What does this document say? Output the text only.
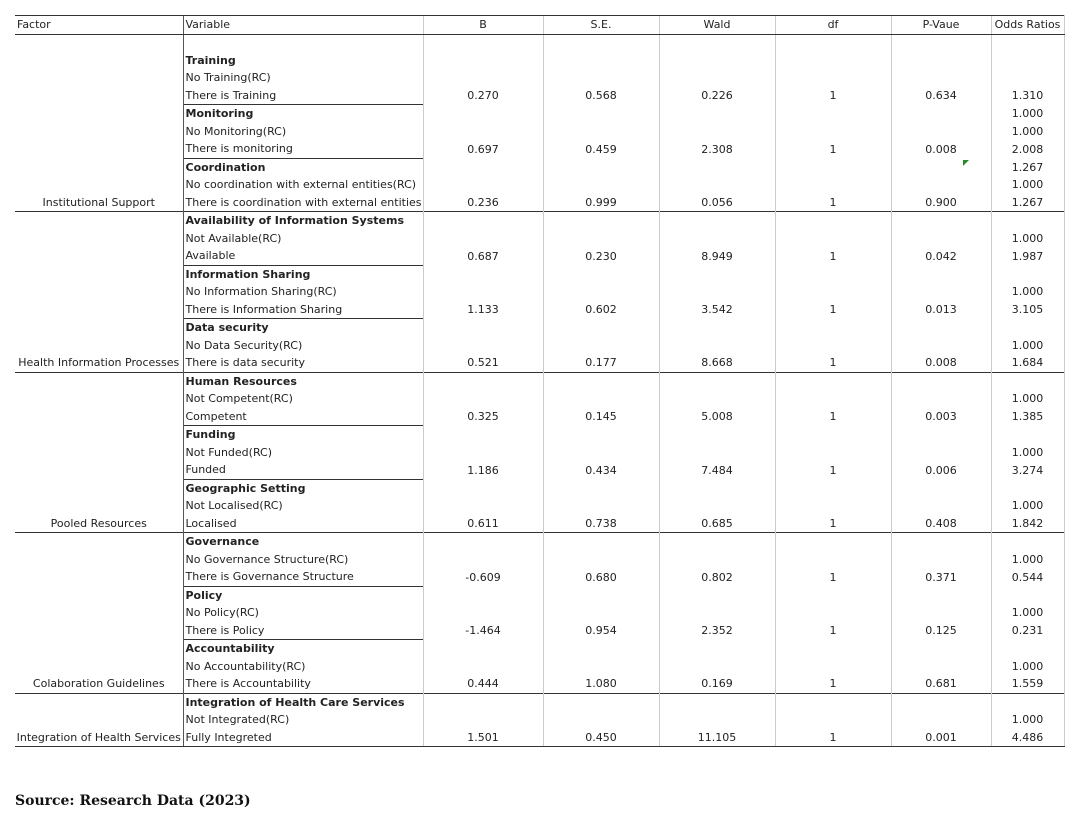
Factor	Variable	B	S.E.	Wald	df	P-Vaue	Odds Ratios

	Training						
	No Training(RC)						
	There is Training	0.270	0.568	0.226	1	0.634	1.310
	Monitoring						1.000
	No Monitoring(RC)						1.000
	There is monitoring	0.697	0.459	2.308	1	0.008	2.008
	Coordination						1.267
	No coordination with external entities(RC)						1.000
Institutional Support	There is coordination with external entities	0.236	0.999	0.056	1	0.900	1.267
	Availability of Information Systems						
	Not Available(RC)						1.000
	Available	0.687	0.230	8.949	1	0.042	1.987
	Information Sharing						
	No Information Sharing(RC)						1.000
	There is Information Sharing	1.133	0.602	3.542	1	0.013	3.105
	Data security						
	No Data Security(RC)						1.000
Health Information Processes	There is data security	0.521	0.177	8.668	1	0.008	1.684
	Human Resources						
	Not Competent(RC)						1.000
	Competent	0.325	0.145	5.008	1	0.003	1.385
	Funding						
	Not Funded(RC)						1.000
	Funded	1.186	0.434	7.484	1	0.006	3.274
	Geographic Setting						
	Not Localised(RC)						1.000
Pooled Resources	Localised	0.611	0.738	0.685	1	0.408	1.842
	Governance						
	No Governance Structure(RC)						1.000
	There is Governance Structure	-0.609	0.680	0.802	1	0.371	0.544
	Policy						
	No Policy(RC)						1.000
	There is Policy	-1.464	0.954	2.352	1	0.125	0.231
	Accountability						
	No Accountability(RC)						1.000
Colaboration Guidelines	There is Accountability	0.444	1.080	0.169	1	0.681	1.559
	Integration of Health Care Services						
	Not Integrated(RC)						1.000
Integration of Health Services	Fully Integreted	1.501	0.450	11.105	1	0.001	4.486
Source: Research Data (2023)
